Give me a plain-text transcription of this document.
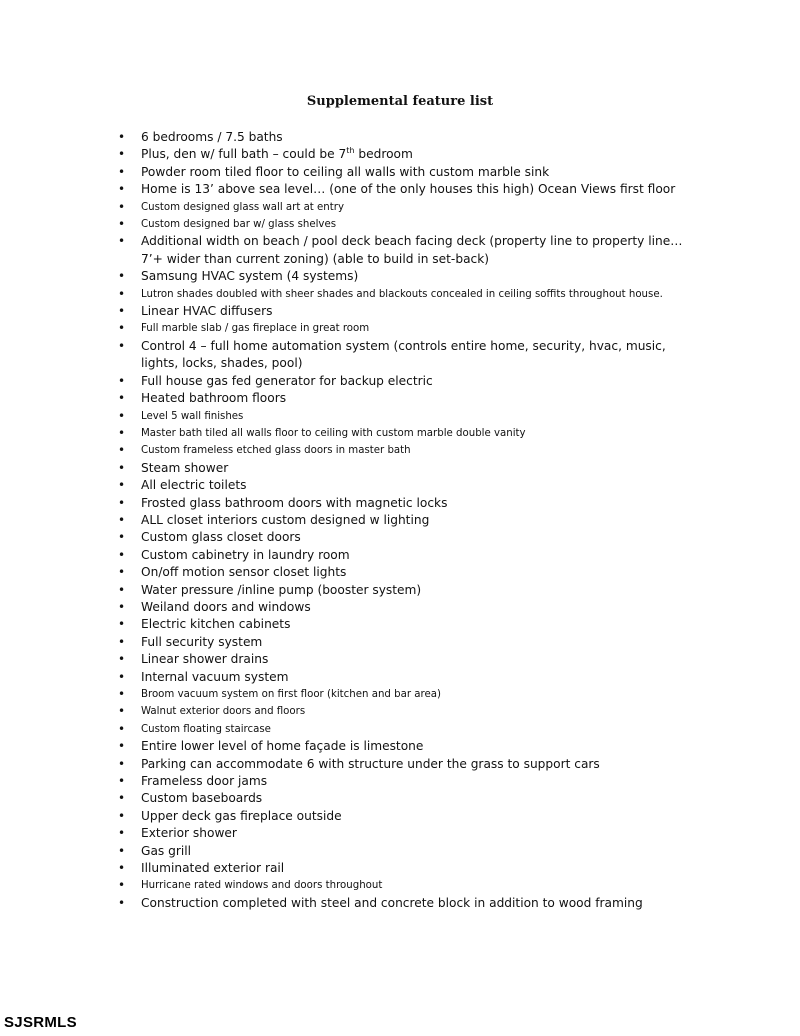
Supplemental feature list
• 6 bedrooms / 7.5 baths
• Plus, den w/ full bath – could be 7th bedroom
• Powder room tiled floor to ceiling all walls with custom marble sink
• Home is 13’ above sea level… (one of the only houses this high) Ocean Views first floor
• Custom designed glass wall art at entry
• Custom designed bar w/ glass shelves
• Additional width on beach / pool deck beach facing deck (property line to property line…7’+ wider than current zoning) (able to build in set-back)
• Samsung HVAC system (4 systems)
• Lutron shades doubled with sheer shades and blackouts concealed in ceiling soffits throughout house.
• Linear HVAC diffusers
• Full marble slab / gas fireplace in great room
• Control 4 – full home automation system (controls entire home, security, hvac, music, lights, locks, shades, pool)
• Full house gas fed generator for backup electric
• Heated bathroom floors
• Level 5 wall finishes
• Master bath tiled all walls floor to ceiling with custom marble double vanity
• Custom frameless etched glass doors in master bath
• Steam shower
• All electric toilets
• Frosted glass bathroom doors with magnetic locks
• ALL closet interiors custom designed w lighting
• Custom glass closet doors
• Custom cabinetry in laundry room
• On/off motion sensor closet lights
• Water pressure /inline pump (booster system)
• Weiland doors and windows
• Electric kitchen cabinets
• Full security system
• Linear shower drains
• Internal vacuum system
• Broom vacuum system on first floor (kitchen and bar area)
• Walnut exterior doors and floors
• Custom floating staircase
• Entire lower level of home façade is limestone
• Parking can accommodate 6 with structure under the grass to support cars
• Frameless door jams
• Custom baseboards
• Upper deck gas fireplace outside
• Exterior shower
• Gas grill
• Illuminated exterior rail
• Hurricane rated windows and doors throughout
• Construction completed with steel and concrete block in addition to wood framing
SJSRMLS
